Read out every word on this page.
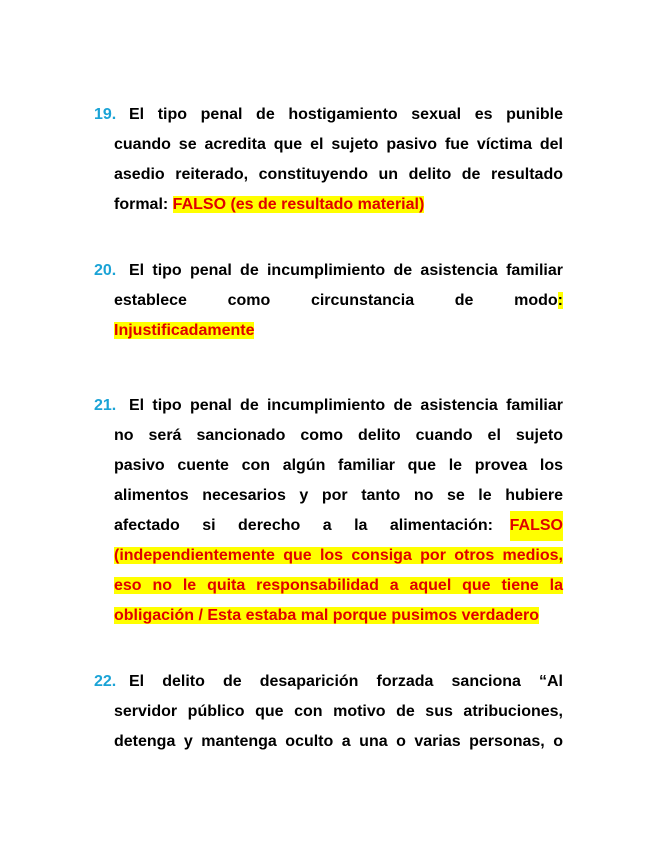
19. El tipo penal de hostigamiento sexual es punible
cuando se acredita que el sujeto pasivo fue víctima del
asedio reiterado, constituyendo un delito de resultado
formal: FALSO (es de resultado material)
20. El tipo penal de incumplimiento de asistencia familiar
establece	como	circunstancia	de	modo:
Injustificadamente
21. El tipo penal de incumplimiento de asistencia familiar
no será sancionado como delito cuando el sujeto
pasivo cuente con algún familiar que le provea los
alimentos necesarios y por tanto no se le hubiere
afectado si derecho a la alimentación: FALSO
(independientemente que los consiga por otros medios,
eso no le quita responsabilidad a aquel que tiene la
obligación / Esta estaba mal porque pusimos verdadero
22. El delito de desaparición forzada sanciona “Al
servidor público que con motivo de sus atribuciones,
detenga y mantenga oculto a una o varias personas, o
